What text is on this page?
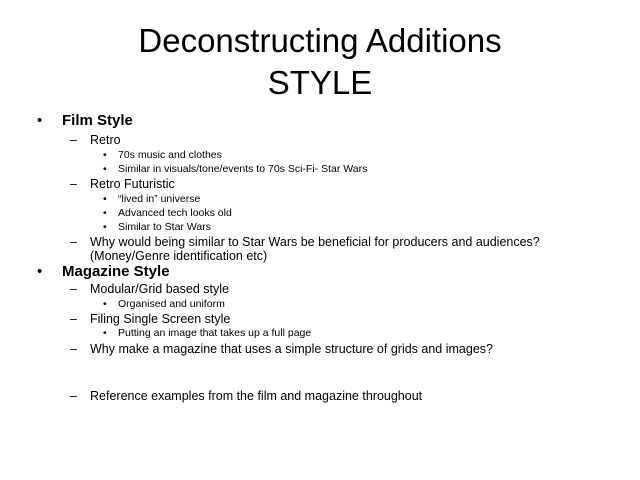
Deconstructing Additions
STYLE
• Film Style
– Retro
• 70s music and clothes
• Similar in visuals/tone/events to 70s Sci-Fi- Star Wars
– Retro Futuristic
• “lived in” universe
• Advanced tech looks old
• Similar to Star Wars
– Why would being similar to Star Wars be beneficial for producers and audiences?
(Money/Genre identification etc)
• Magazine Style
– Modular/Grid based style
• Organised and uniform
– Filing Single Screen style
• Putting an image that takes up a full page
– Why make a magazine that uses a simple structure of grids and images?
– Reference examples from the film and magazine throughout
